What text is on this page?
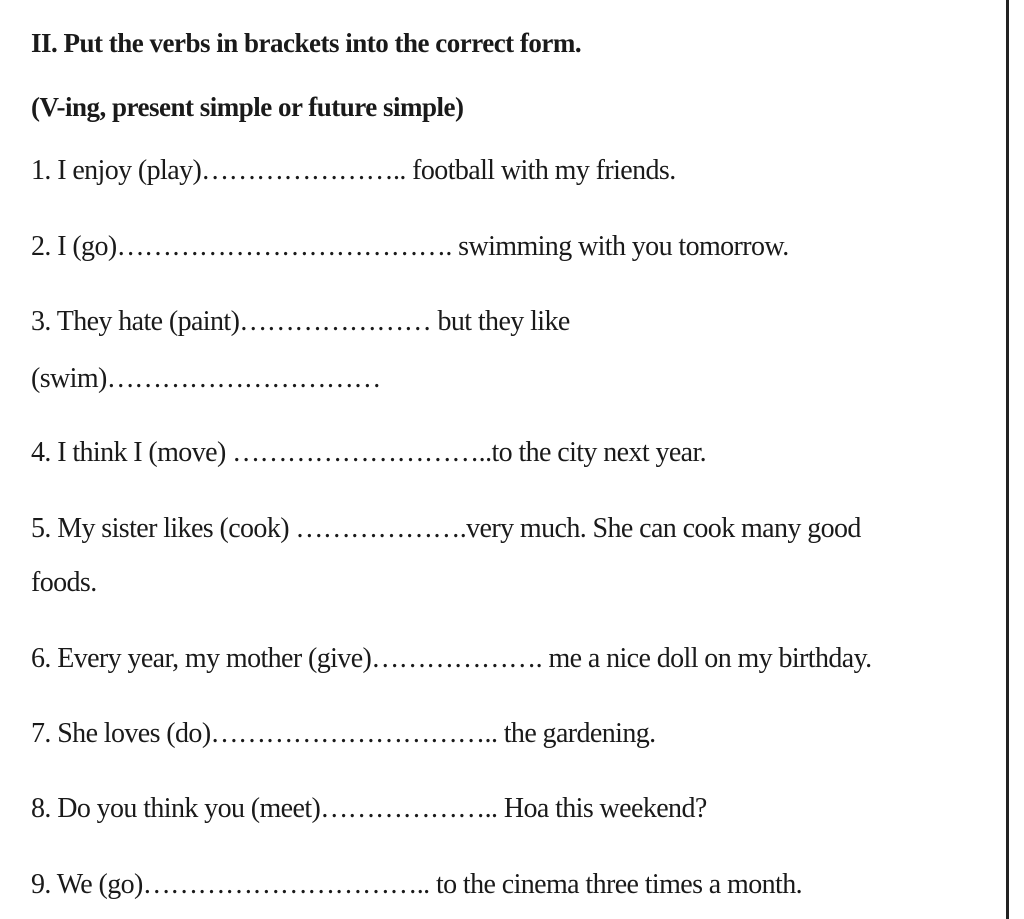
II. Put the verbs in brackets into the correct form.
(V-ing, present simple or future simple)
1. I enjoy (play)………………….. football with my friends.
2. I (go)………………………………. swimming with you tomorrow.
3. They hate (paint)………………… but they like
(swim)…………………………
4. I think I (move) ………………………..to the city next year.
5. My sister likes (cook) ……………….very much. She can cook many good
foods.
6. Every year, my mother (give)………………. me a nice doll on my birthday.
7. She loves (do)………………………….. the gardening.
8. Do you think you (meet)……………….. Hoa this weekend?
9. We (go)………………………….. to the cinema three times a month.
